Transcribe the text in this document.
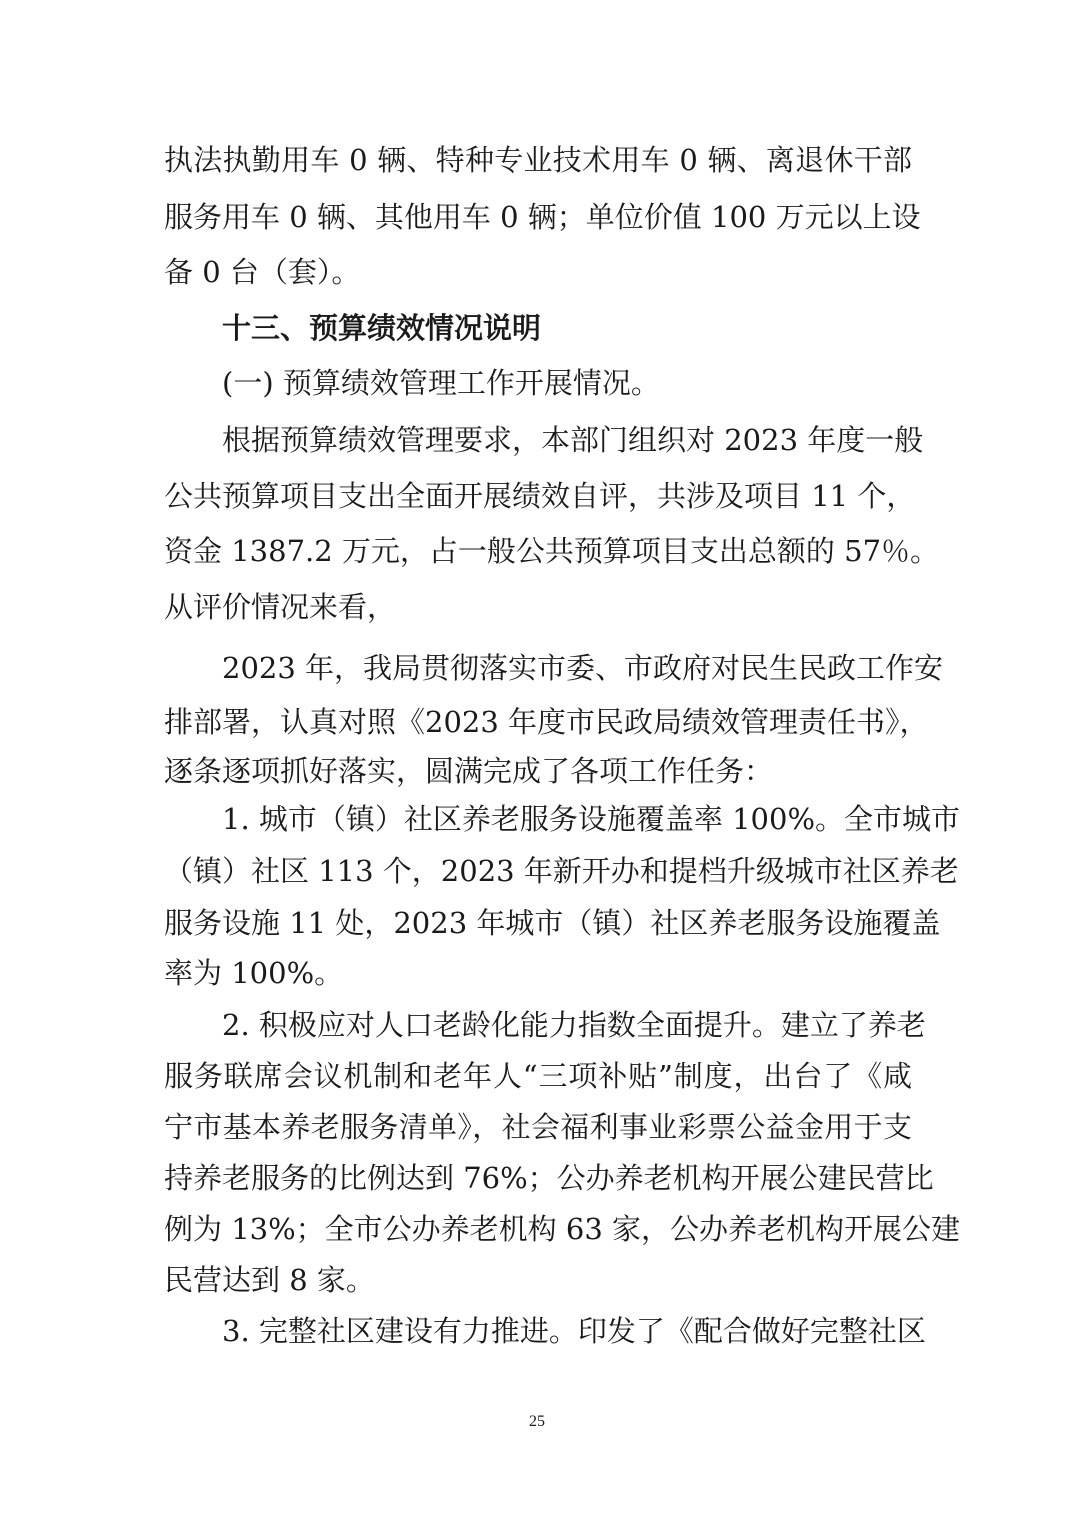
执法执勤用车 0 辆、特种专业技术用车 0 辆、离退休干部

服务用车 0 辆、其他用车 0 辆；单位价值 100 万元以上设

备 0 台（套）。

十三、预算绩效情况说明

(一) 预算绩效管理工作开展情况。

根据预算绩效管理要求，本部门组织对 2023 年度一般

公共预算项目支出全面开展绩效自评，共涉及项目 11 个，

资金 1387.2 万元，占一般公共预算项目支出总额的 57％。

从评价情况来看，

2023 年，我局贯彻落实市委、市政府对民生民政工作安

排部署，认真对照《2023 年度市民政局绩效管理责任书》，

逐条逐项抓好落实，圆满完成了各项工作任务：

1. 城市（镇）社区养老服务设施覆盖率 100%。全市城市

（镇）社区 113 个，2023 年新开办和提档升级城市社区养老

服务设施 11 处，2023 年城市（镇）社区养老服务设施覆盖

率为 100%。

2. 积极应对人口老龄化能力指数全面提升。建立了养老

服务联席会议机制和老年人“三项补贴”制度，出台了《咸

宁市基本养老服务清单》，社会福利事业彩票公益金用于支

持养老服务的比例达到 76%；公办养老机构开展公建民营比

例为 13%；全市公办养老机构 63 家，公办养老机构开展公建

民营达到 8 家。

3. 完整社区建设有力推进。印发了《配合做好完整社区

25
